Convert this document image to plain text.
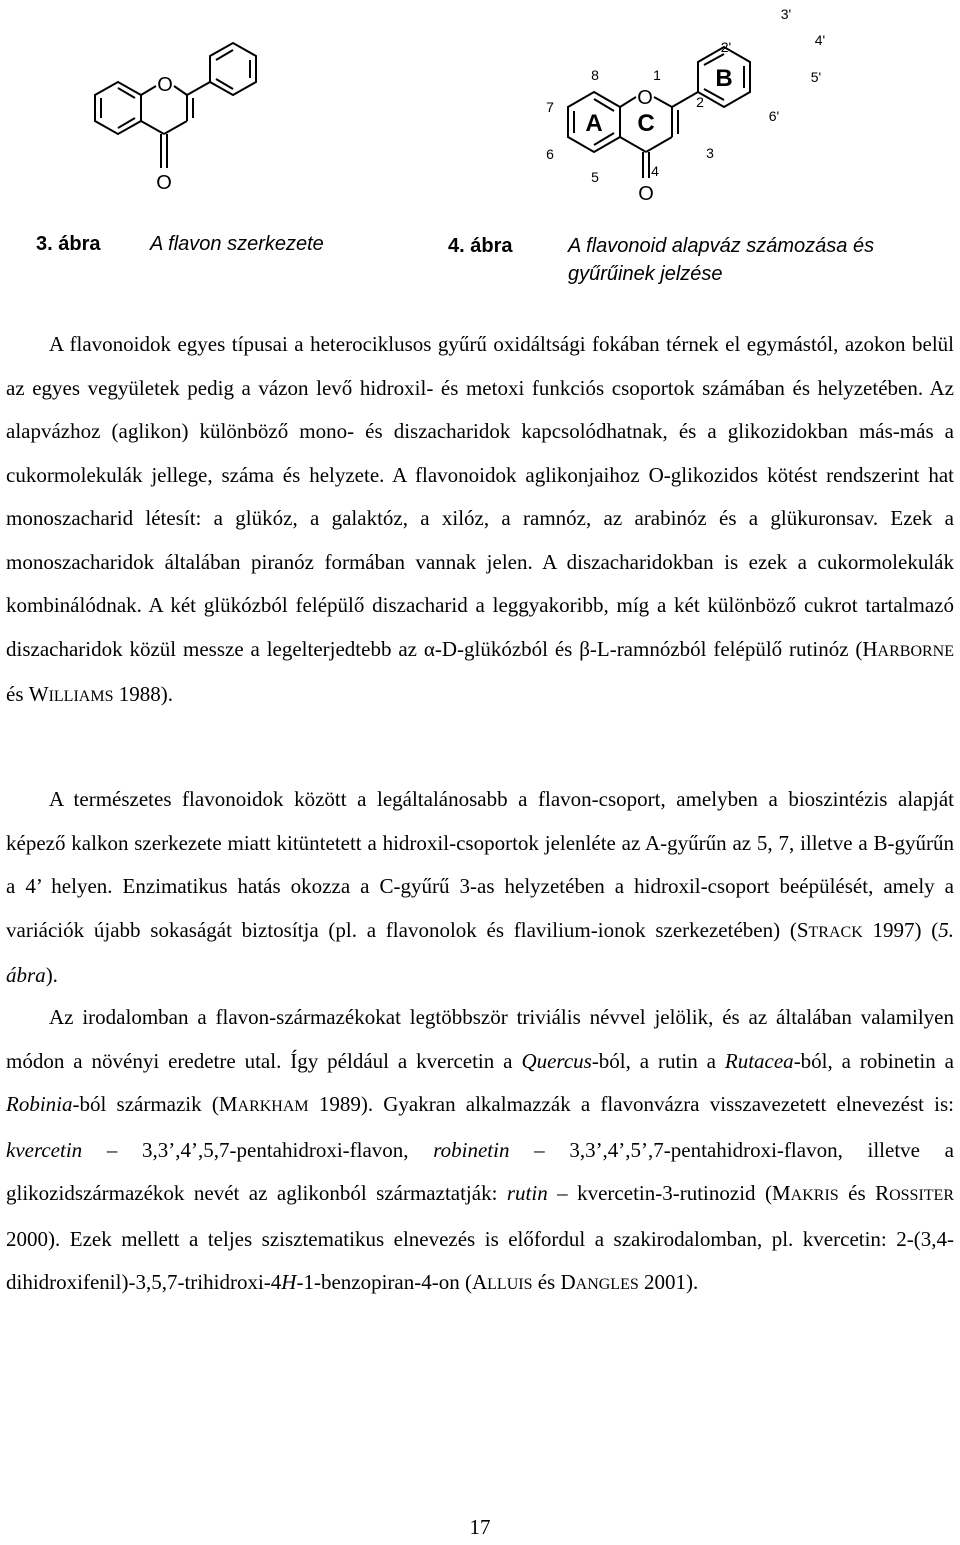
O
O
A C
B
O
O
8
7
6
5
1
2
3
4
2'
3'
4'
5'
6'
3. ábra A flavon szerkezete	4. ábra	A flavonoid alapváz számozása és gyűrűinek jelzése

A flavonoidok egyes típusai a heterociklusos gyűrű oxidáltsági fokában térnek el egymástól, azokon belül az egyes vegyületek pedig a vázon levő hidroxil- és metoxi funkciós csoportok számában és helyzetében. Az alapvázhoz (aglikon) különböző mono- és diszacharidok kapcsolódhatnak, és a glikozidokban más-más a cukormolekulák jellege, száma és helyzete. A flavonoidok aglikonjaihoz O-glikozidos kötést rendszerint hat monoszacharid létesít: a glükóz, a galaktóz, a xilóz, a ramnóz, az arabinóz és a glükuronsav. Ezek a monoszacharidok általában piranóz formában vannak jelen. A diszacharidokban is ezek a cukormolekulák kombinálódnak. A két glükózból felépülő diszacharid a leggyakoribb, míg a két különböző cukrot tartalmazó diszacharidok közül messze a legelterjedtebb az α-D-glükózból és β-L-ramnózból felépülő rutinóz (HARBORNE és WILLIAMS 1988).

A természetes flavonoidok között a legáltalánosabb a flavon-csoport, amelyben a bioszintézis alapját képező kalkon szerkezete miatt kitüntetett a hidroxil-csoportok jelenléte az A-gyűrűn az 5, 7, illetve a B-gyűrűn a 4’ helyen. Enzimatikus hatás okozza a C-gyűrű 3-as helyzetében a hidroxil-csoport beépülését, amely a variációk újabb sokaságát biztosítja (pl. a flavonolok és flavilium-ionok szerkezetében) (STRACK 1997) (5. ábra).

Az irodalomban a flavon-származékokat legtöbbször triviális névvel jelölik, és az általában valamilyen módon a növényi eredetre utal. Így például a kvercetin a Quercus-ból, a rutin a Rutacea-ból, a robinetin a Robinia-ból származik (MARKHAM 1989). Gyakran alkalmazzák a flavonvázra visszavezetett elnevezést is: kvercetin – 3,3’,4’,5,7-pentahidroxi-flavon, robinetin – 3,3’,4’,5’,7-pentahidroxi-flavon, illetve a glikozidszármazékok nevét az aglikonból származtatják: rutin – kvercetin-3-rutinozid (MAKRIS és ROSSITER 2000). Ezek mellett a teljes szisztematikus elnevezés is előfordul a szakirodalomban, pl. kvercetin: 2-(3,4-dihidroxifenil)-3,5,7-trihidroxi-4H-1-benzopiran-4-on (ALLUIS és DANGLES 2001).

17
